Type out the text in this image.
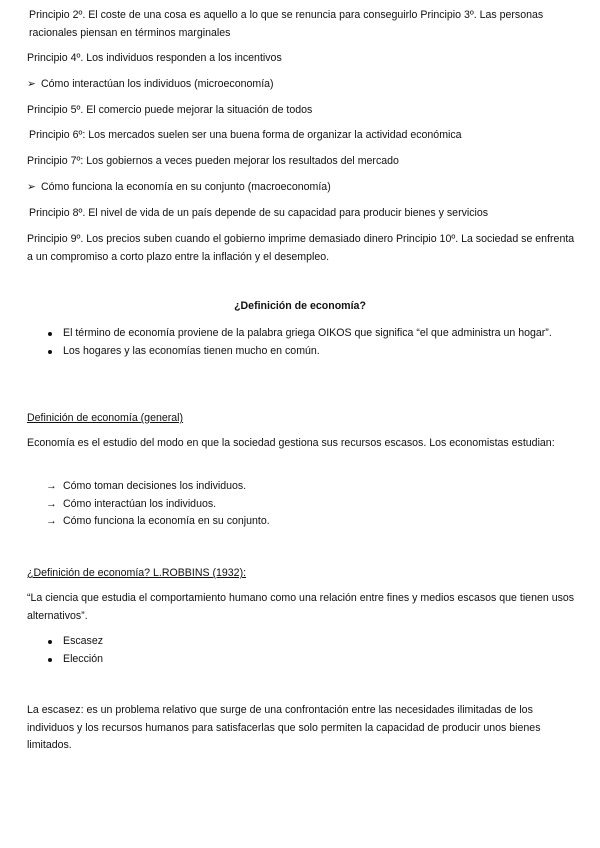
Principio 2º. El coste de una cosa es aquello a lo que se renuncia para conseguirlo Principio 3º. Las personas racionales piensan en términos marginales

Principio 4º. Los individuos responden a los incentivos

➢ Cómo interactúan los individuos (microeconomía)

Principio 5º. El comercio puede mejorar la situación de todos

Principio 6º: Los mercados suelen ser una buena forma de organizar la actividad económica

Principio 7º: Los gobiernos a veces pueden mejorar los resultados del mercado

➢ Cómo funciona la economía en su conjunto (macroeconomía)

Principio 8º. El nivel de vida de un país depende de su capacidad para producir bienes y servicios

Principio 9º. Los precios suben cuando el gobierno imprime demasiado dinero Principio 10º. La sociedad se enfrenta a un compromiso a corto plazo entre la inflación y el desempleo.

¿Definición de economía?

El término de economía proviene de la palabra griega OIKOS que significa “el que administra un hogar”.
Los hogares y las economías tienen mucho en común.

Definición de economía (general)

Economía es el estudio del modo en que la sociedad gestiona sus recursos escasos. Los economistas estudian:

→ Cómo toman decisiones los individuos.
→ Cómo interactúan los individuos.
→ Cómo funciona la economía en su conjunto.

¿Definición de economía? L.ROBBINS (1932):

“La ciencia que estudia el comportamiento humano como una relación entre fines y medios escasos que tienen usos alternativos”.

Escasez
Elección

La escasez: es un problema relativo que surge de una confrontación entre las necesidades ilimitadas de los individuos y los recursos humanos para satisfacerlas que solo permiten la capacidad de producir unos bienes limitados.
